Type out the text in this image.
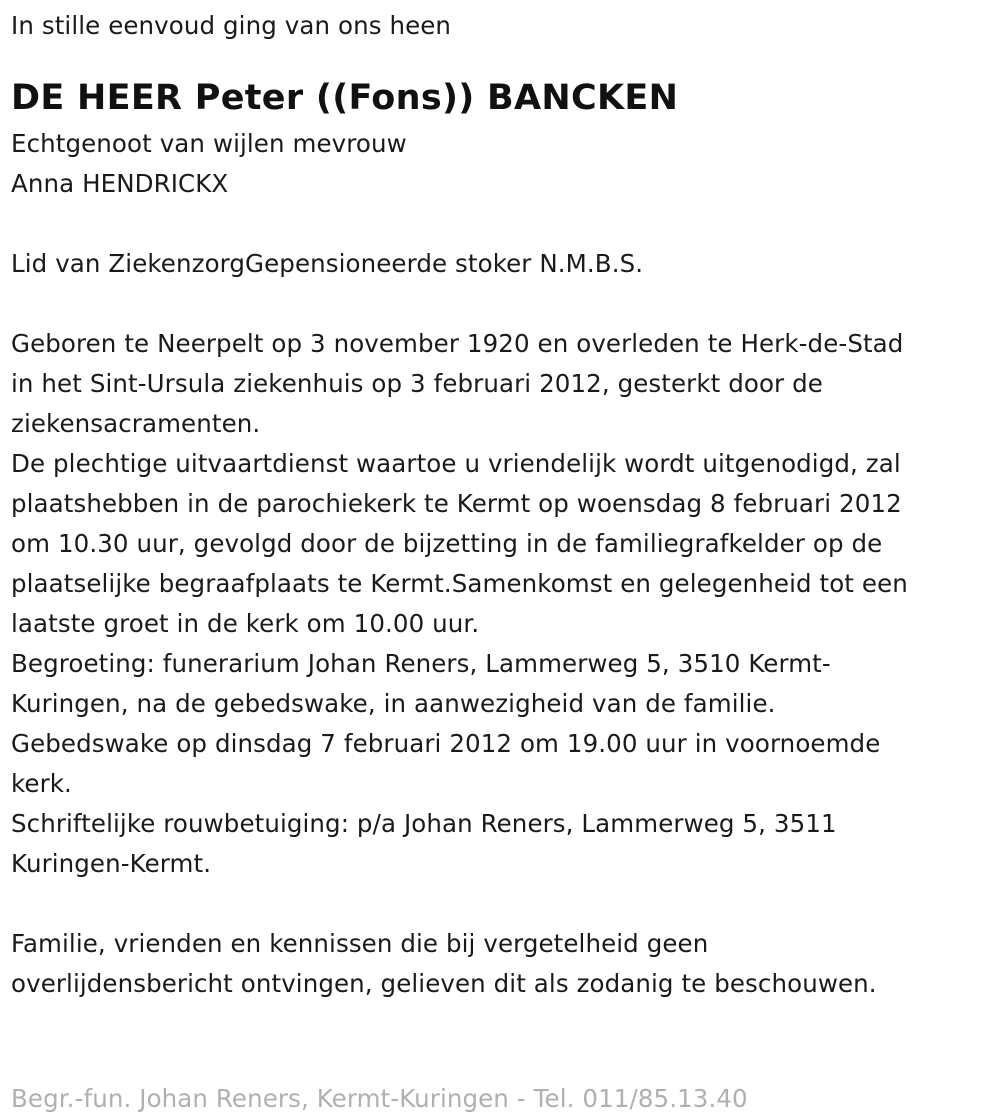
In stille eenvoud ging van ons heen

DE HEER Peter ((Fons)) BANCKEN

Echtgenoot van wijlen mevrouw

Anna HENDRICKX

Lid van ZiekenzorgGepensioneerde stoker N.M.B.S.

Geboren te Neerpelt op 3 november 1920 en overleden te Herk-de-Stad

in het Sint-Ursula ziekenhuis op 3 februari 2012, gesterkt door de

ziekensacramenten.

De plechtige uitvaartdienst waartoe u vriendelijk wordt uitgenodigd, zal

plaatshebben in de parochiekerk te Kermt op woensdag 8 februari 2012

om 10.30 uur, gevolgd door de bijzetting in de familiegrafkelder op de

plaatselijke begraafplaats te Kermt.Samenkomst en gelegenheid tot een

laatste groet in de kerk om 10.00 uur.

Begroeting: funerarium Johan Reners, Lammerweg 5, 3510 Kermt-

Kuringen, na de gebedswake, in aanwezigheid van de familie.

Gebedswake op dinsdag 7 februari 2012 om 19.00 uur in voornoemde

kerk.

Schriftelijke rouwbetuiging: p/a Johan Reners, Lammerweg 5, 3511

Kuringen-Kermt.

Familie, vrienden en kennissen die bij vergetelheid geen

overlijdensbericht ontvingen, gelieven dit als zodanig te beschouwen.

Begr.-fun. Johan Reners, Kermt-Kuringen - Tel. 011/85.13.40
